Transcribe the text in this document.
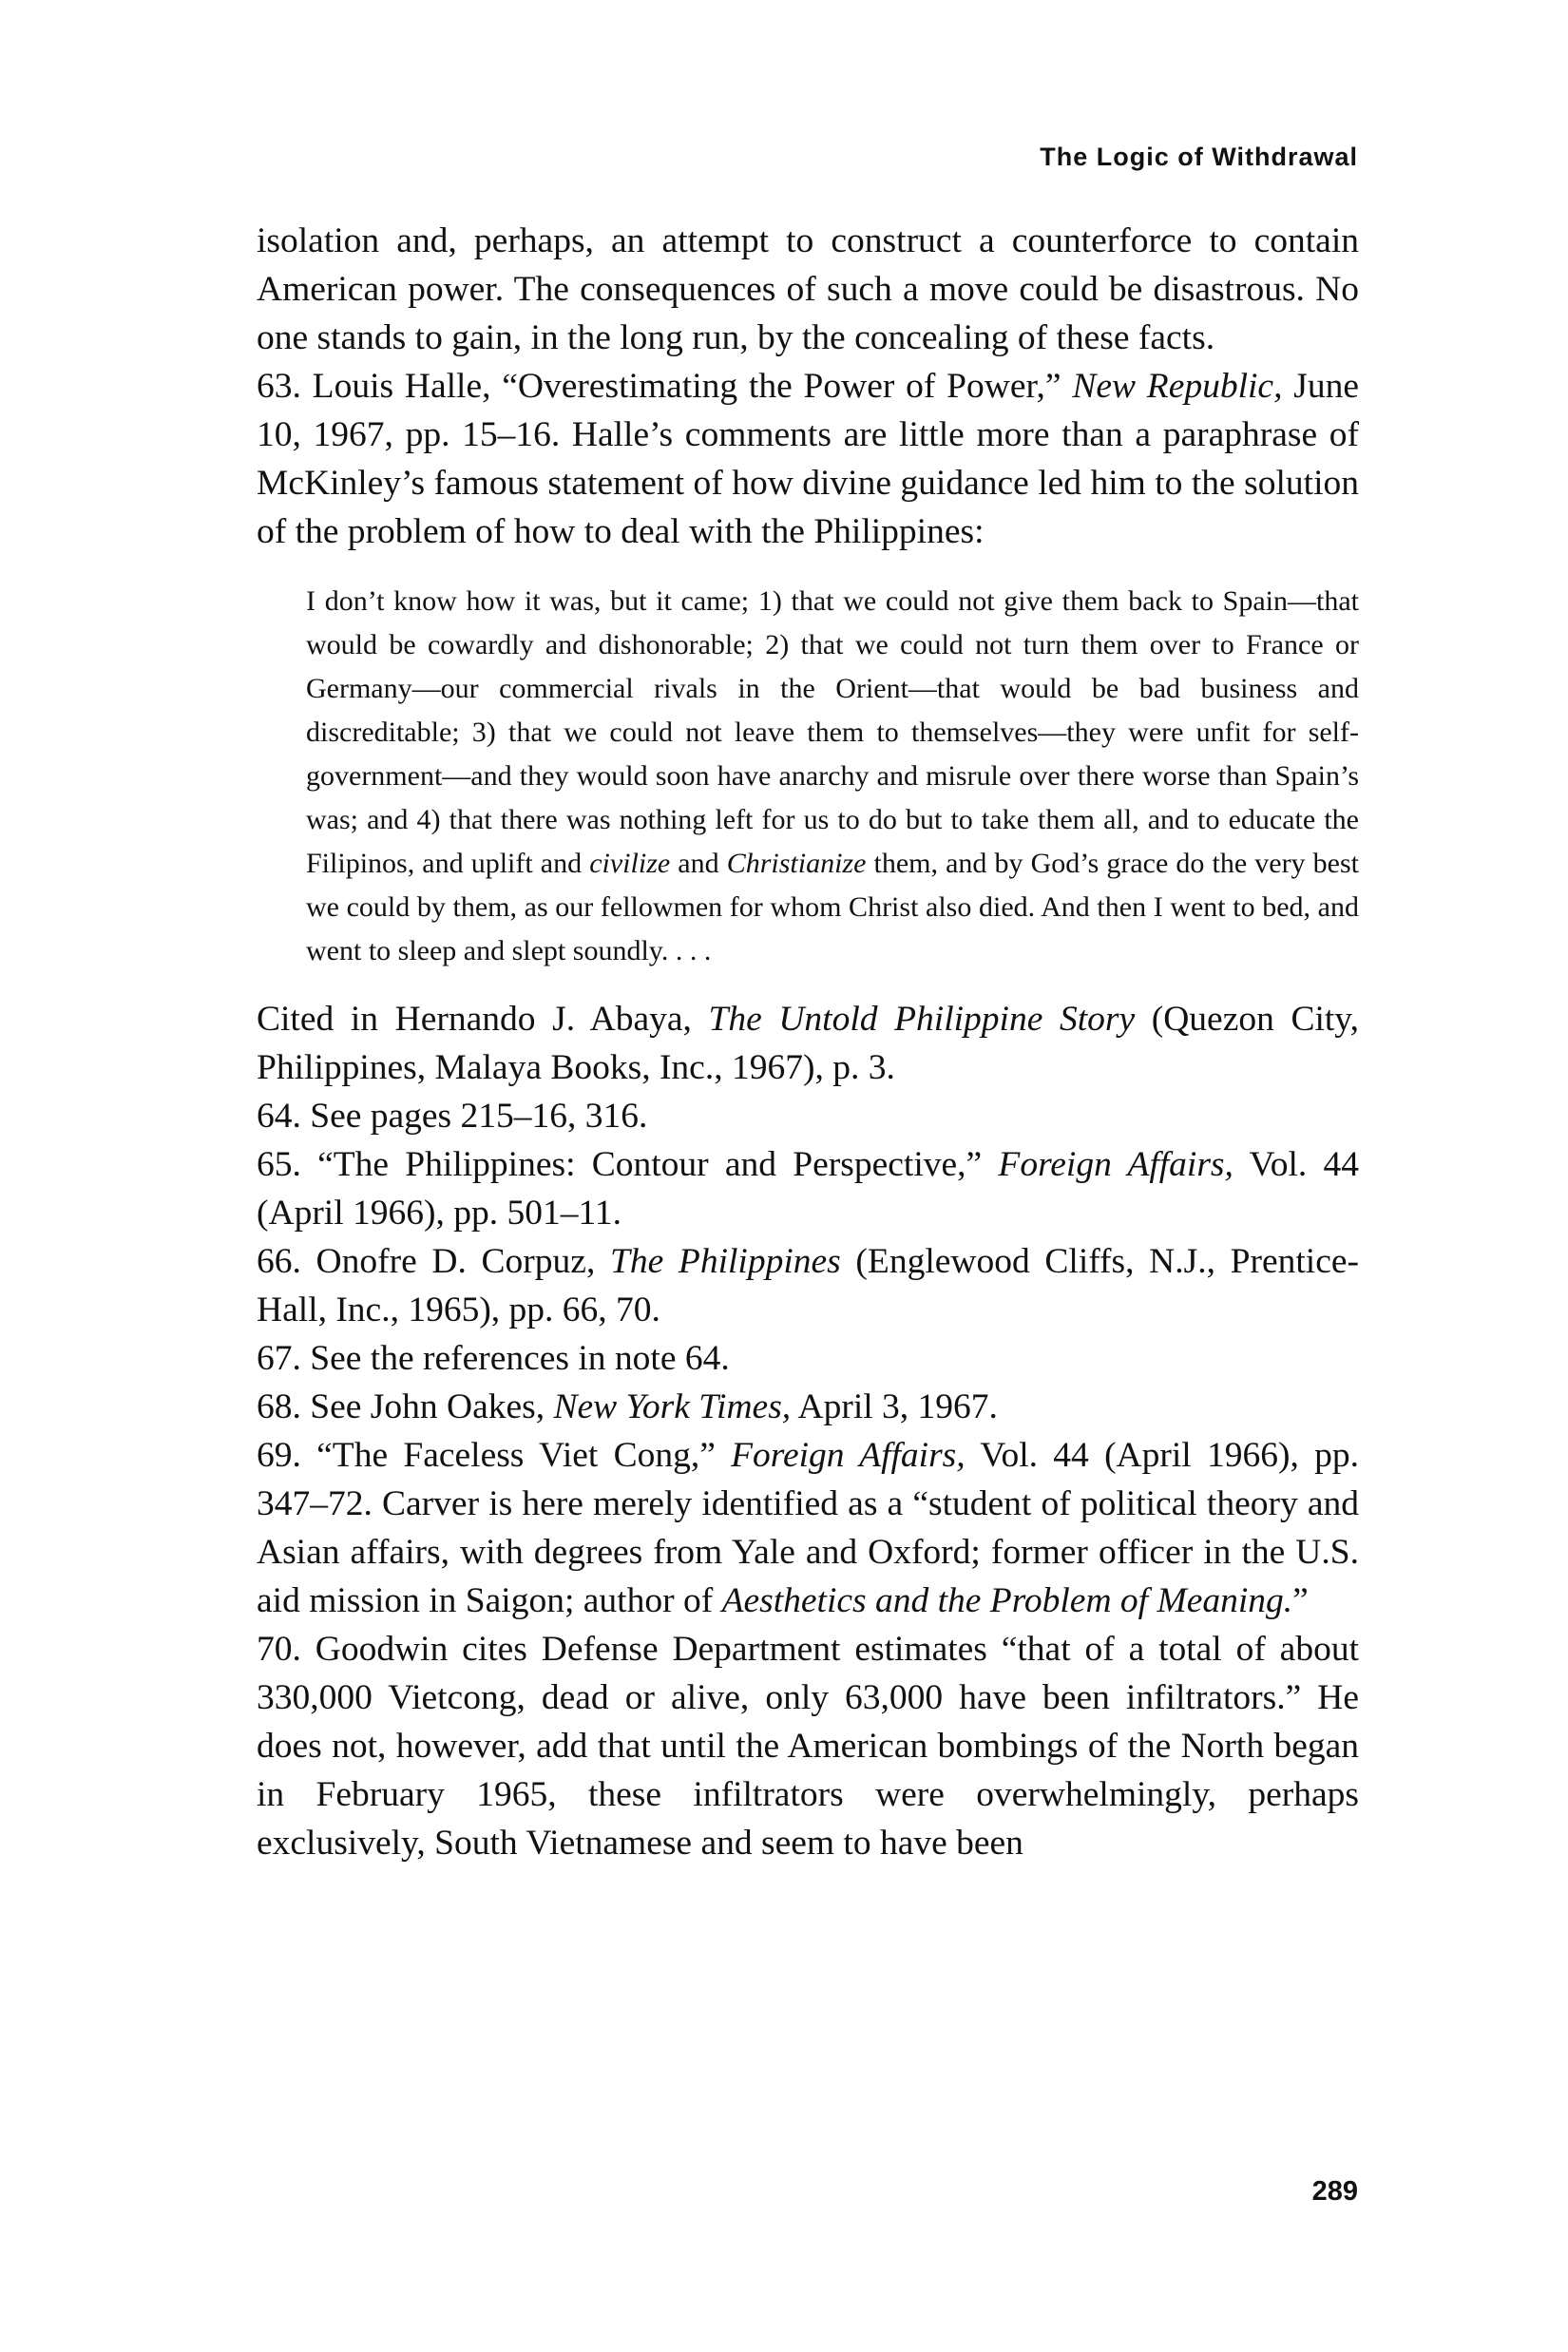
The Logic of Withdrawal

isolation and, perhaps, an attempt to construct a counterforce to contain American power. The consequences of such a move could be disastrous. No one stands to gain, in the long run, by the concealing of these facts.

63. Louis Halle, “Overestimating the Power of Power,” New Republic, June 10, 1967, pp. 15–16. Halle’s comments are little more than a paraphrase of McKinley’s famous statement of how divine guidance led him to the solution of the problem of how to deal with the Philippines:

I don’t know how it was, but it came; 1) that we could not give them back to Spain—that would be cowardly and dishonorable; 2) that we could not turn them over to France or Germany—our commercial rivals in the Orient—that would be bad business and discreditable; 3) that we could not leave them to themselves—they were unfit for self-government—and they would soon have anarchy and misrule over there worse than Spain’s was; and 4) that there was nothing left for us to do but to take them all, and to educate the Filipinos, and uplift and civilize and Christianize them, and by God’s grace do the very best we could by them, as our fellowmen for whom Christ also died. And then I went to bed, and went to sleep and slept soundly. . . .

Cited in Hernando J. Abaya, The Untold Philippine Story (Quezon City, Philippines, Malaya Books, Inc., 1967), p. 3.

64. See pages 215–16, 316.

65. “The Philippines: Contour and Perspective,” Foreign Affairs, Vol. 44 (April 1966), pp. 501–11.

66. Onofre D. Corpuz, The Philippines (Englewood Cliffs, N.J., Prentice-Hall, Inc., 1965), pp. 66, 70.

67. See the references in note 64.

68. See John Oakes, New York Times, April 3, 1967.

69. “The Faceless Viet Cong,” Foreign Affairs, Vol. 44 (April 1966), pp. 347–72. Carver is here merely identified as a “student of political theory and Asian affairs, with degrees from Yale and Oxford; former officer in the U.S. aid mission in Saigon; author of Aesthetics and the Problem of Meaning.”

70. Goodwin cites Defense Department estimates “that of a total of about 330,000 Vietcong, dead or alive, only 63,000 have been infiltrators.” He does not, however, add that until the American bombings of the North began in February 1965, these infiltrators were overwhelmingly, perhaps exclusively, South Vietnamese and seem to have been

289
